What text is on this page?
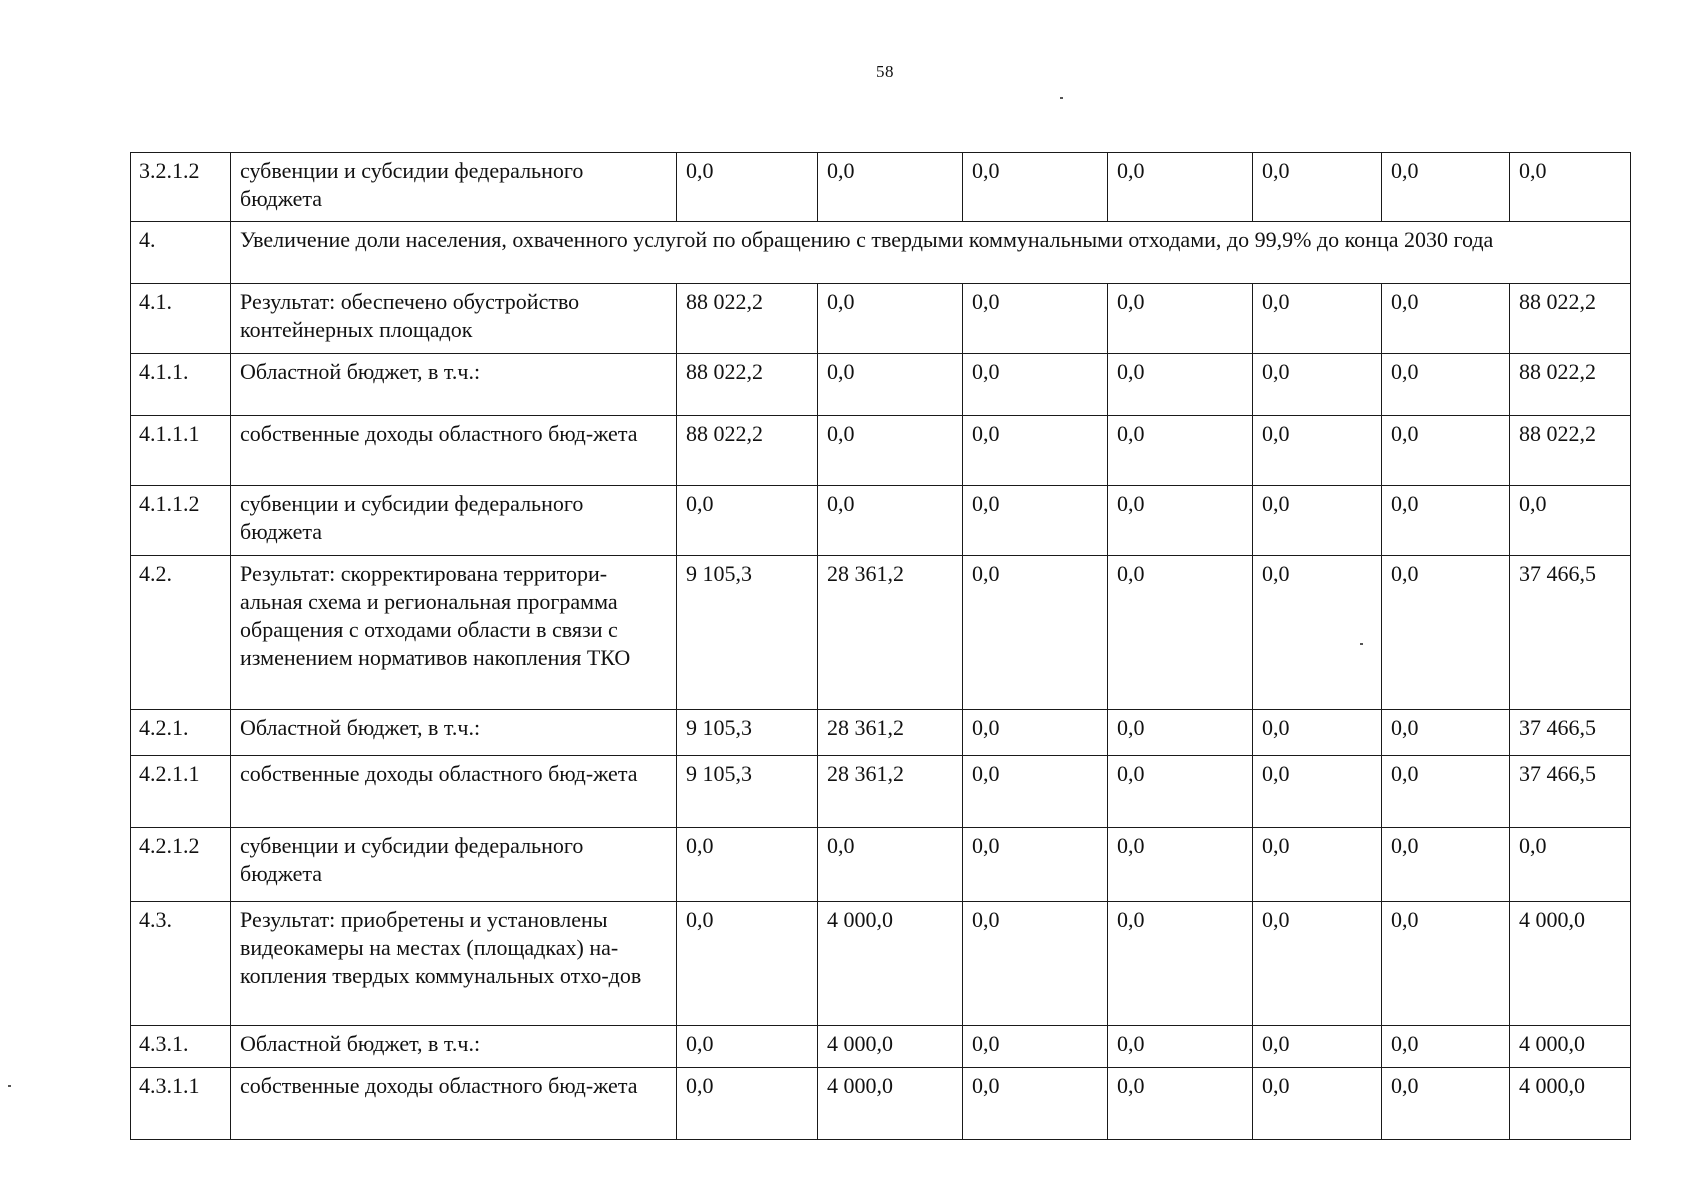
58
3.2.1.2	субвенции и субсидии федерального бюджета	0,0	0,0	0,0	0,0	0,0	0,0	0,0
4.	Увеличение доли населения, охваченного услугой по обращению с твердыми коммунальными отходами, до 99,9% до конца 2030 года							
4.1.	Результат: обеспечено обустройство контейнерных площадок	88 022,2	0,0	0,0	0,0	0,0	0,0	88 022,2
4.1.1.	Областной бюджет, в т.ч.:	88 022,2	0,0	0,0	0,0	0,0	0,0	88 022,2
4.1.1.1	собственные доходы областного бюд-жета	88 022,2	0,0	0,0	0,0	0,0	0,0	88 022,2
4.1.1.2	субвенции и субсидии федерального бюджета	0,0	0,0	0,0	0,0	0,0	0,0	0,0
4.2.	Результат: скорректирована территори-альная схема и региональная программа обращения с отходами области в связи с изменением нормативов накопления ТКО	9 105,3	28 361,2	0,0	0,0	0,0	0,0	37 466,5
4.2.1.	Областной бюджет, в т.ч.:	9 105,3	28 361,2	0,0	0,0	0,0	0,0	37 466,5
4.2.1.1	собственные доходы областного бюд-жета	9 105,3	28 361,2	0,0	0,0	0,0	0,0	37 466,5
4.2.1.2	субвенции и субсидии федерального бюджета	0,0	0,0	0,0	0,0	0,0	0,0	0,0
4.3.	Результат: приобретены и установлены видеокамеры на местах (площадках) на-копления твердых коммунальных отхо-дов	0,0	4 000,0	0,0	0,0	0,0	0,0	4 000,0
4.3.1.	Областной бюджет, в т.ч.:	0,0	4 000,0	0,0	0,0	0,0	0,0	4 000,0
4.3.1.1	собственные доходы областного бюд-жета	0,0	4 000,0	0,0	0,0	0,0	0,0	4 000,0
